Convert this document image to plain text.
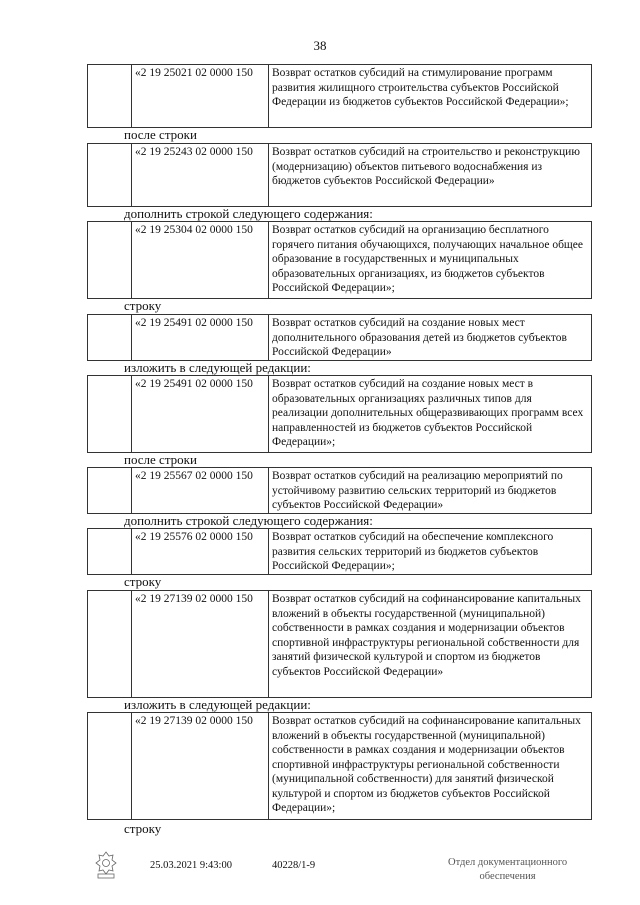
38
«2 19 25021 02 0000 150	Возврат остатков субсидий на стимулирование программ развития жилищного строительства субъектов Российской Федерации из бюджетов субъектов Российской Федерации»;
после строки
«2 19 25243 02 0000 150	Возврат остатков субсидий на строительство и реконструкцию (модернизацию) объектов питьевого водоснабжения из бюджетов субъектов Российской Федерации»
дополнить строкой следующего содержания:
«2 19 25304 02 0000 150	Возврат остатков субсидий на организацию бесплатного горячего питания обучающихся, получающих начальное общее образование в государственных и муниципальных образовательных организациях, из бюджетов субъектов Российской Федерации»;
строку
«2 19 25491 02 0000 150	Возврат остатков субсидий на создание новых мест дополнительного образования детей из бюджетов субъектов Российской Федерации»
изложить в следующей редакции:
«2 19 25491 02 0000 150	Возврат остатков субсидий на создание новых мест в образовательных организациях различных типов для реализации дополнительных общеразвивающих программ всех направленностей из бюджетов субъектов Российской Федерации»;
после строки
«2 19 25567 02 0000 150	Возврат остатков субсидий на реализацию мероприятий по устойчивому развитию сельских территорий из бюджетов субъектов Российской Федерации»
дополнить строкой следующего содержания:
«2 19 25576 02 0000 150	Возврат остатков субсидий на обеспечение комплексного развития сельских территорий из бюджетов субъектов Российской Федерации»;
строку
«2 19 27139 02 0000 150	Возврат остатков субсидий на софинансирование капитальных вложений в объекты государственной (муниципальной) собственности в рамках создания и модернизации объектов спортивной инфраструктуры региональной собственности для занятий физической культурой и спортом из бюджетов субъектов Российской Федерации»
изложить в следующей редакции:
«2 19 27139 02 0000 150	Возврат остатков субсидий на софинансирование капитальных вложений в объекты государственной (муниципальной) собственности в рамках создания и модернизации объектов спортивной инфраструктуры региональной собственности (муниципальной собственности) для занятий физической культурой и спортом из бюджетов субъектов Российской Федерации»;
строку
25.03.2021 9:43:00	40228/1-9	Отдел документационного
обеспечения
